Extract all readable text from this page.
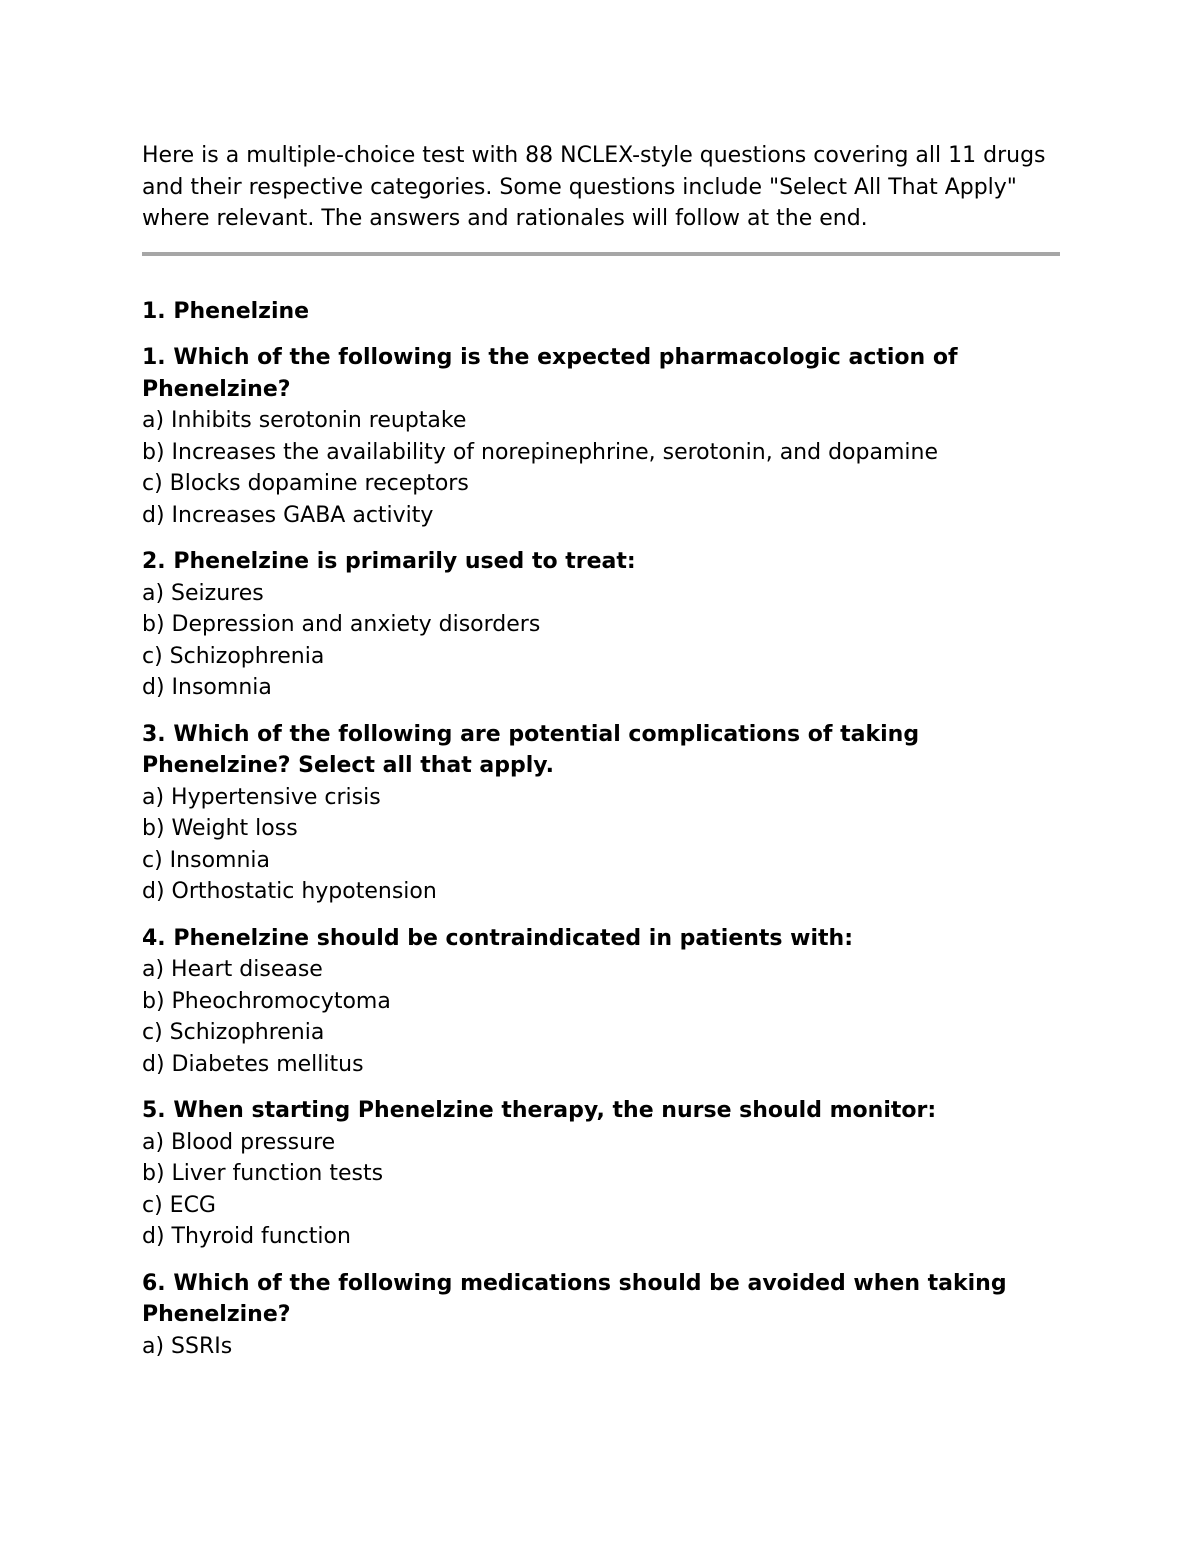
Here is a multiple-choice test with 88 NCLEX-style questions covering all 11 drugs and their respective categories. Some questions include "Select All That Apply" where relevant. The answers and rationales will follow at the end.

1. Phenelzine

1. Which of the following is the expected pharmacologic action of Phenelzine?

a) Inhibits serotonin reuptake
b) Increases the availability of norepinephrine, serotonin, and dopamine
c) Blocks dopamine receptors
d) Increases GABA activity

2. Phenelzine is primarily used to treat:

a) Seizures
b) Depression and anxiety disorders
c) Schizophrenia
d) Insomnia

3. Which of the following are potential complications of taking Phenelzine? Select all that apply.

a) Hypertensive crisis
b) Weight loss
c) Insomnia
d) Orthostatic hypotension

4. Phenelzine should be contraindicated in patients with:

a) Heart disease
b) Pheochromocytoma
c) Schizophrenia
d) Diabetes mellitus

5. When starting Phenelzine therapy, the nurse should monitor:

a) Blood pressure
b) Liver function tests
c) ECG
d) Thyroid function

6. Which of the following medications should be avoided when taking Phenelzine?

a) SSRIs
